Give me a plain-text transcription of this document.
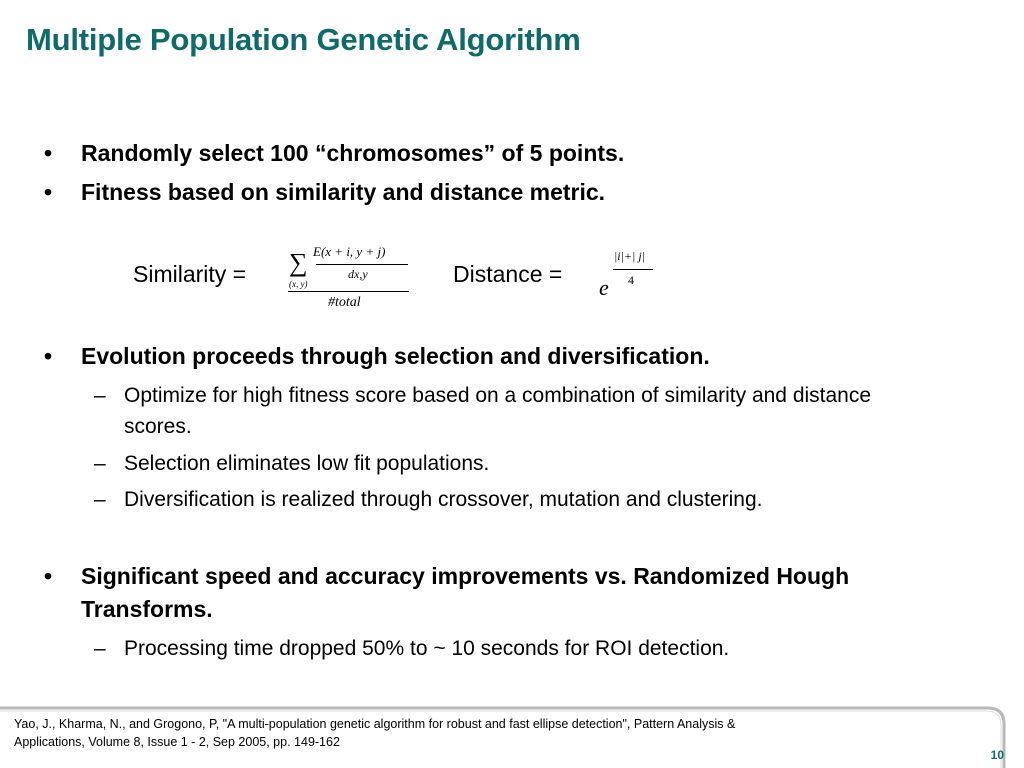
Multiple Population Genetic Algorithm
• Randomly select 100 “chromosomes” of 5 points.
• Fitness based on similarity and distance metric.
Similarity = ∑ E(x + i, y + j)
dx,y
(x, y)
#total
Distance =
e
|i|+| j|
4
• Evolution proceeds through selection and diversification.
– Optimize for high fitness score based on a combination of similarity and distance scores.
– Selection eliminates low fit populations.
– Diversification is realized through crossover, mutation and clustering.
• Significant speed and accuracy improvements vs. Randomized Hough Transforms.
– Processing time dropped 50% to ~ 10 seconds for ROI detection.
Yao, J., Kharma, N., and Grogono, P, "A multi-population genetic algorithm for robust and fast ellipse detection", Pattern Analysis & Applications, Volume 8, Issue 1 - 2, Sep 2005, pp. 149-162
10
